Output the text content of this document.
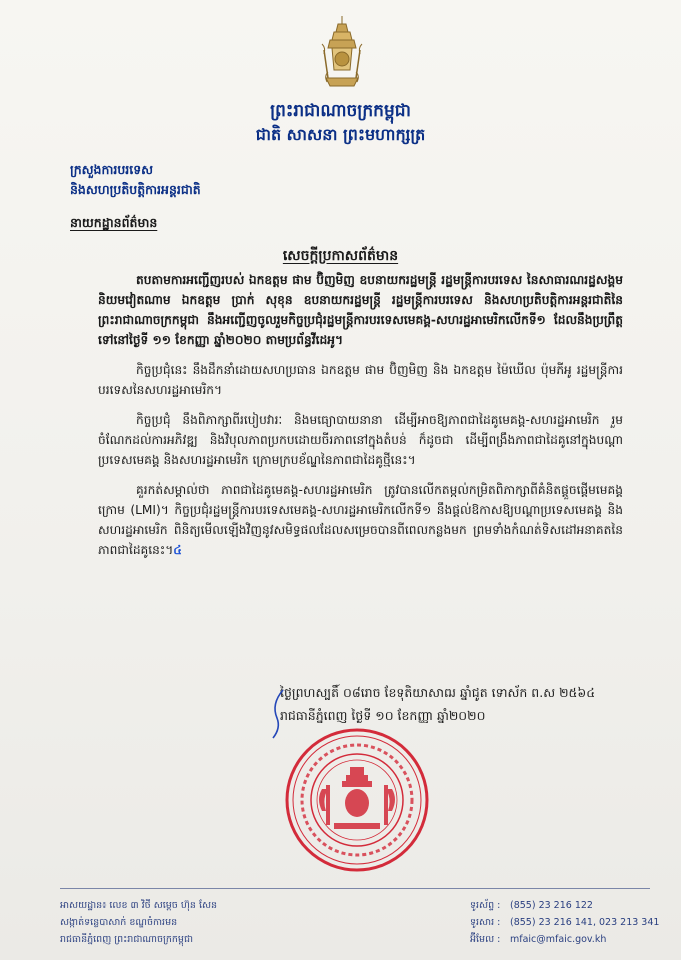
ព្រះរាជាណាចក្រកម្ពុជា
ជាតិ សាសនា ព្រះមហាក្សត្រ
ក្រសួងការបរទេស
និងសហប្រតិបត្តិការអន្តរជាតិ
នាយកដ្ឋានព័ត៌មាន
សេចក្ដីប្រកាសព័ត៌មាន

តបតាមការអញ្ជើញរបស់ ឯកឧត្តម ផាម ប៊ិញមិញ ឧបនាយករដ្ឋមន្ត្រី រដ្ឋមន្ត្រីការបរទេស នៃសាធារណរដ្ឋសង្គមនិយមវៀតណាម ឯកឧត្តម ប្រាក់ សុខុន ឧបនាយករដ្ឋមន្ត្រី រដ្ឋមន្ត្រីការបរទេស និងសហប្រតិបត្តិការអន្តរជាតិនៃព្រះរាជាណាចក្រកម្ពុជា នឹងអញ្ជើញចូលរួមកិច្ចប្រជុំរដ្ឋមន្ត្រីការបរទេសមេគង្គ-សហរដ្ឋអាមេរិកលើកទី១ ដែលនឹងប្រព្រឹត្តទៅនៅថ្ងៃទី ១១ ខែកញ្ញា ឆ្នាំ២០២០ តាមប្រព័ន្ធវីដេអូ។

កិច្ចប្រជុំនេះ នឹងដឹកនាំដោយសហប្រធាន ឯកឧត្តម ផាម ប៊ិញមិញ និង ឯកឧត្តម ម៉ៃឃើល ប៉ុមភីអូ រដ្ឋមន្ត្រីការបរទេសនៃសហរដ្ឋអាមេរិក។

កិច្ចប្រជុំ នឹងពិភាក្សាពីរបៀបវារៈ និងមធ្យោបាយនានា ដើម្បីអាចឱ្យភាពជាដៃគូមេគង្គ-សហរដ្ឋអាមេរិក រួមចំណែកដល់ការអភិវឌ្ឍ និងវិបុលភាពប្រកបដោយចីរភាពនៅក្នុងតំបន់ ក៏ដូចជា ដើម្បីពង្រឹងភាពជាដៃគូនៅក្នុងបណ្ដាប្រទេសមេគង្គ និងសហរដ្ឋអាមេរិក ក្រោមក្របខ័ណ្ឌនៃភាពជាដៃគូថ្មីនេះ។

គួរកត់សម្គាល់ថា ភាពជាដៃគូមេគង្គ-សហរដ្ឋអាមេរិក ត្រូវបានលើកតម្កល់កម្រិតពិភាក្សាពីគំនិតផ្ដួចផ្ដើមមេគង្គក្រោម (LMI)។ កិច្ចប្រជុំរដ្ឋមន្ត្រីការបរទេសមេគង្គ-សហរដ្ឋអាមេរិកលើកទី១ នឹងផ្ដល់ឱកាសឱ្យបណ្ដាប្រទេសមេគង្គ និងសហរដ្ឋអាមេរិក ពិនិត្យមើលឡើងវិញនូវសមិទ្ធផលដែលសម្រេចបានពីពេលកន្លងមក ព្រមទាំងកំណត់ទិសដៅអនាគតនៃភាពជាដៃគូនេះ។៤

ថ្ងៃព្រហស្បតិ៍ ០៨រោច ខែទុតិយាសាឍ ឆ្នាំជូត ទោស័ក ព.ស ២៥៦៤
រាជធានីភ្នំពេញ ថ្ងៃទី ១០ ខែកញ្ញា ឆ្នាំ២០២០
អាសយដ្ឋាន៖ លេខ ៣ វិថី សម្ដេច ហ៊ុន សែន
សង្កាត់ទន្លេបាសាក់ ខណ្ឌចំការមន
រាជធានីភ្នំពេញ ព្រះរាជាណាចក្រកម្ពុជា
ទូរស័ព្ទ : (855) 23 216 122
ទូរសារ : (855) 23 216 141, 023 213 341
អ៊ីមែល : mfaic@mfaic.gov.kh
